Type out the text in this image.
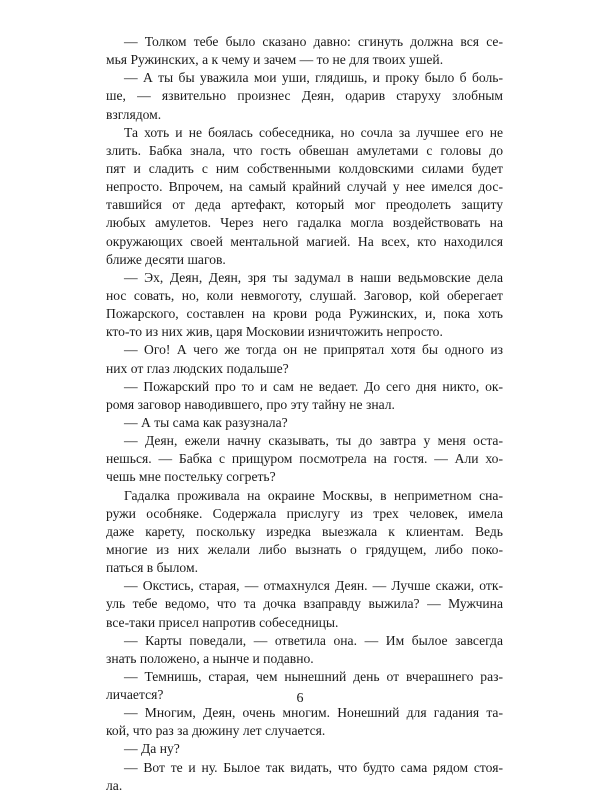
— Толком тебе было сказано давно: сгинуть должна вся се-
мья Ружинских, а к чему и зачем — то не для твоих ушей.
— А ты бы уважила мои уши, глядишь, и проку было б боль-
ше, — язвительно произнес Деян, одарив старуху злобным
взглядом.
Та хоть и не боялась собеседника, но сочла за лучшее его не
злить. Бабка знала, что гость обвешан амулетами с головы до
пят и сладить с ним собственными колдовскими силами будет
непросто. Впрочем, на самый крайний случай у нее имелся дос-
тавшийся от деда артефакт, который мог преодолеть защиту
любых амулетов. Через него гадалка могла воздействовать на
окружающих своей ментальной магией. На всех, кто находился
ближе десяти шагов.
— Эх, Деян, Деян, зря ты задумал в наши ведьмовские дела
нос совать, но, коли невмоготу, слушай. Заговор, кой оберегает
Пожарского, составлен на крови рода Ружинских, и, пока хоть
кто-то из них жив, царя Московии изничтожить непросто.
— Ого! А чего же тогда он не припрятал хотя бы одного из
них от глаз людских подальше?
— Пожарский про то и сам не ведает. До сего дня никто, ок-
ромя заговор наводившего, про эту тайну не знал.
— А ты сама как разузнала?
— Деян, ежели начну сказывать, ты до завтра у меня оста-
нешься. — Бабка с прищуром посмотрела на гостя. — Али хо-
чешь мне постельку согреть?
Гадалка проживала на окраине Москвы, в неприметном сна-
ружи особняке. Содержала прислугу из трех человек, имела
даже карету, поскольку изредка выезжала к клиентам. Ведь
многие из них желали либо вызнать о грядущем, либо поко-
паться в былом.
— Окстись, старая, — отмахнулся Деян. — Лучше скажи, отк-
уль тебе ведомо, что та дочка взаправду выжила? — Мужчина
все-таки присел напротив собеседницы.
— Карты поведали, — ответила она. — Им былое завсегда
знать положено, а нынче и подавно.
— Темнишь, старая, чем нынешний день от вчерашнего раз-
личается?
— Многим, Деян, очень многим. Нонешний для гадания та-
кой, что раз за дюжину лет случается.
— Да ну?
— Вот те и ну. Былое так видать, что будто сама рядом стоя-
ла.
6
